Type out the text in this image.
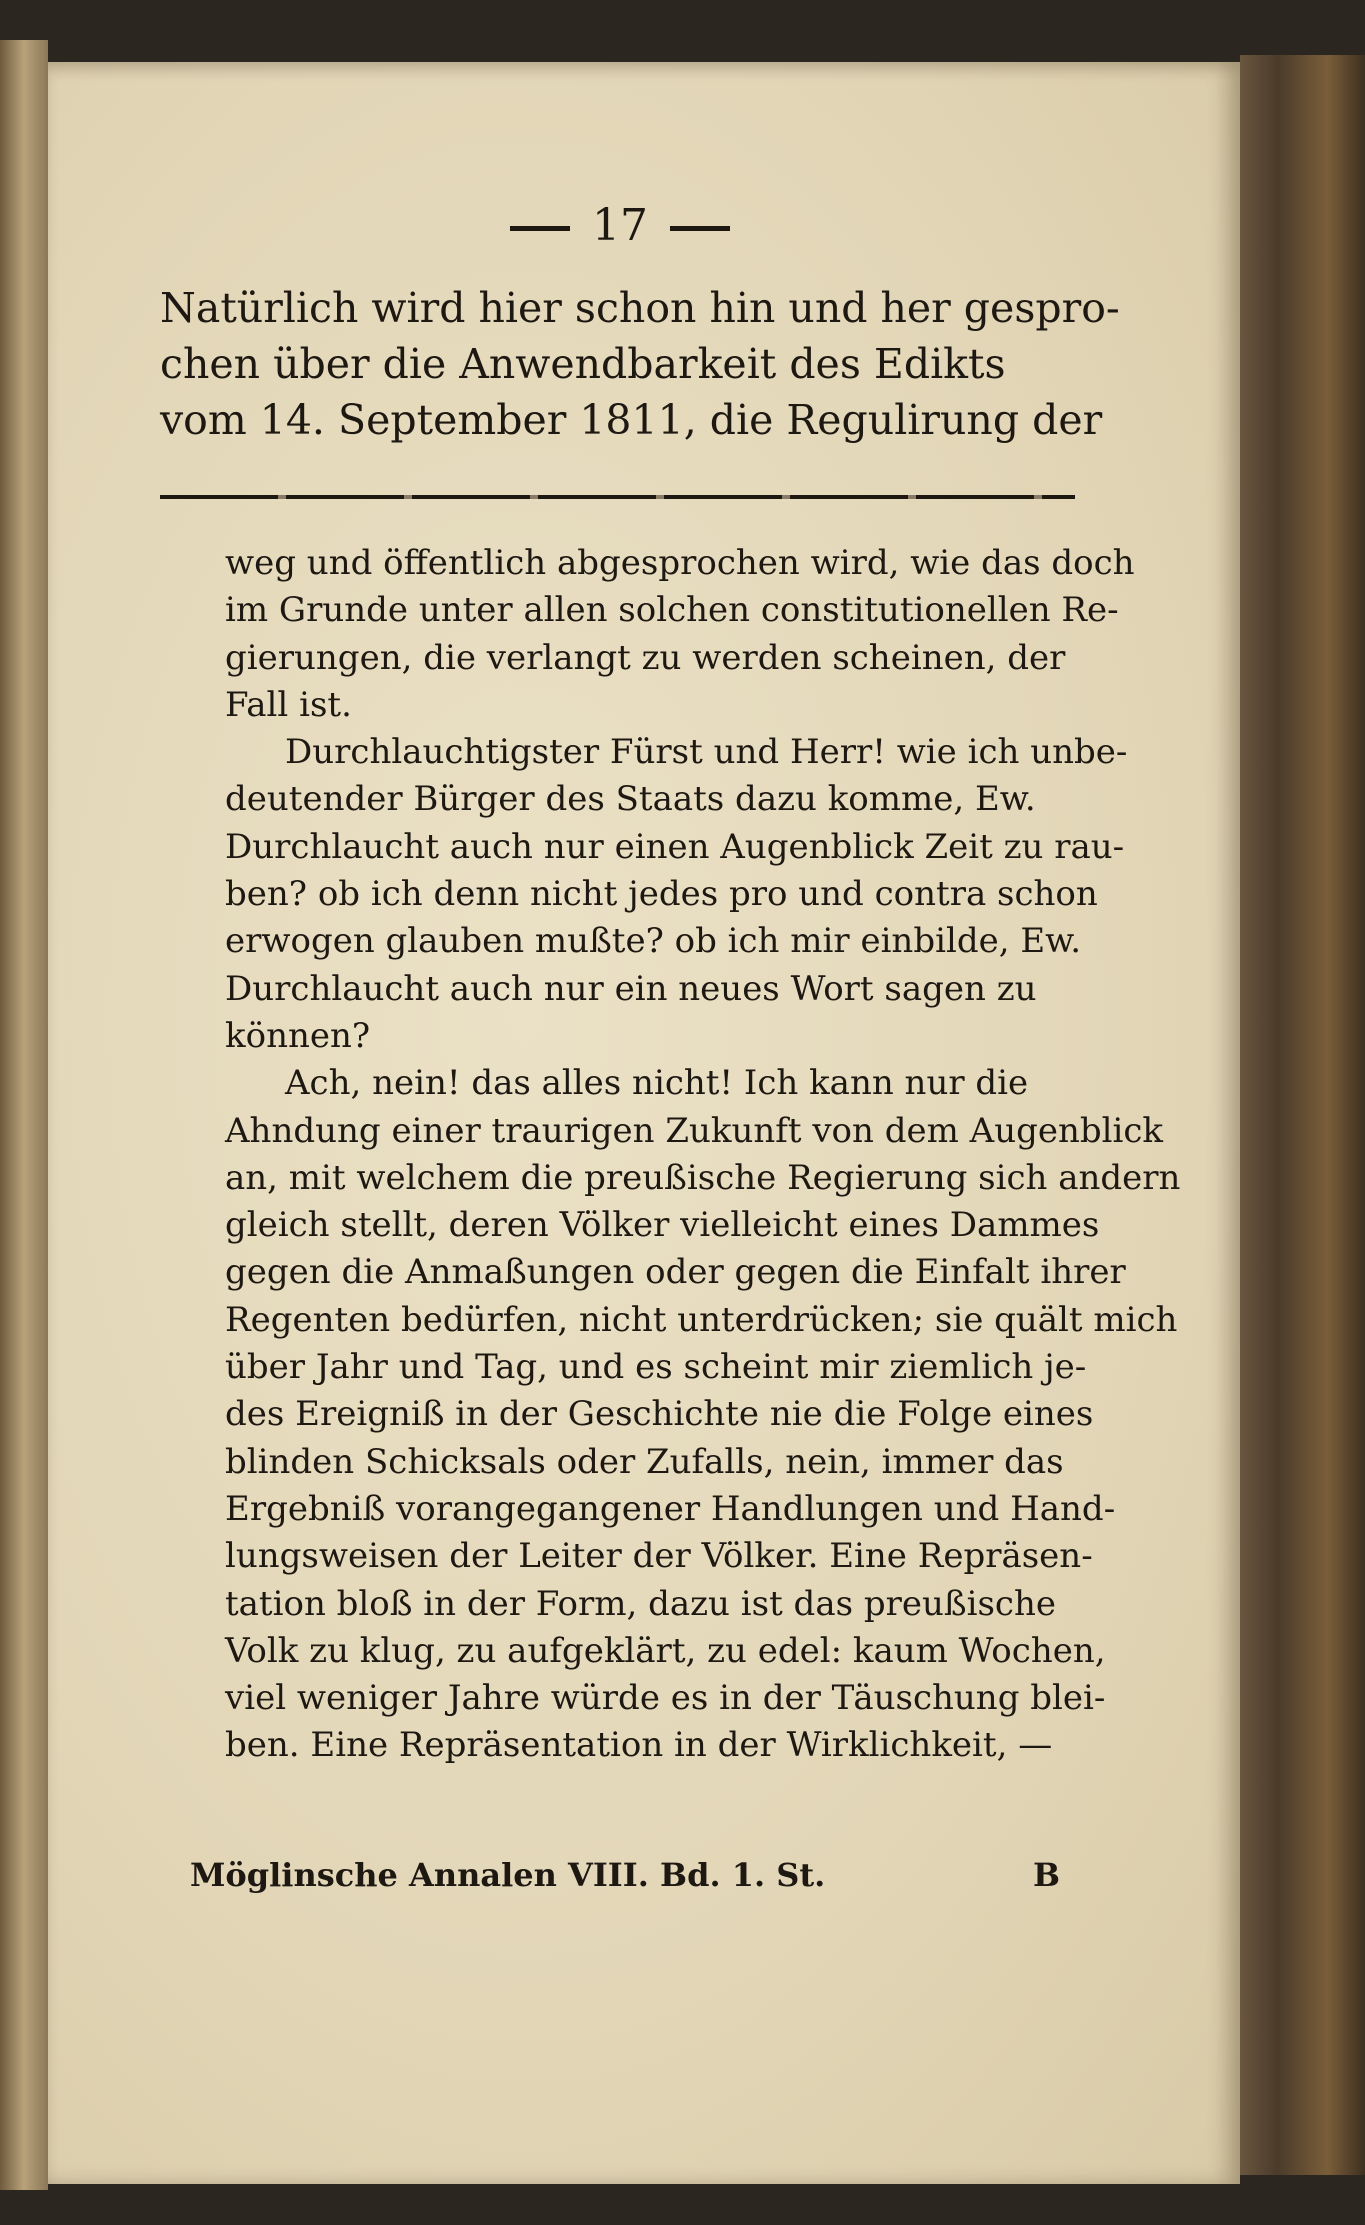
17
Natürlich wird hier schon hin und her gespro-
chen über die Anwendbarkeit des Edikts
vom 14. September 1811, die Regulirung der

weg und öffentlich abgesprochen wird, wie das doch
im Grunde unter allen solchen constitutionellen Re-
gierungen, die verlangt zu werden scheinen, der
Fall ist.

Durchlauchtigster Fürst und Herr! wie ich unbe-
deutender Bürger des Staats dazu komme, Ew.
Durchlaucht auch nur einen Augenblick Zeit zu rau-
ben? ob ich denn nicht jedes pro und contra schon
erwogen glauben mußte? ob ich mir einbilde, Ew.
Durchlaucht auch nur ein neues Wort sagen zu
können?

Ach, nein! das alles nicht! Ich kann nur die
Ahndung einer traurigen Zukunft von dem Augenblick
an, mit welchem die preußische Regierung sich andern
gleich stellt, deren Völker vielleicht eines Dammes
gegen die Anmaßungen oder gegen die Einfalt ihrer
Regenten bedürfen, nicht unterdrücken; sie quält mich
über Jahr und Tag, und es scheint mir ziemlich je-
des Ereigniß in der Geschichte nie die Folge eines
blinden Schicksals oder Zufalls, nein, immer das
Ergebniß vorangegangener Handlungen und Hand-
lungsweisen der Leiter der Völker. Eine Repräsen-
tation bloß in der Form, dazu ist das preußische
Volk zu klug, zu aufgeklärt, zu edel: kaum Wochen,
viel weniger Jahre würde es in der Täuschung blei-
ben. Eine Repräsentation in der Wirklichkeit, —

Möglinsche Annalen VIII. Bd. 1. St.	B
